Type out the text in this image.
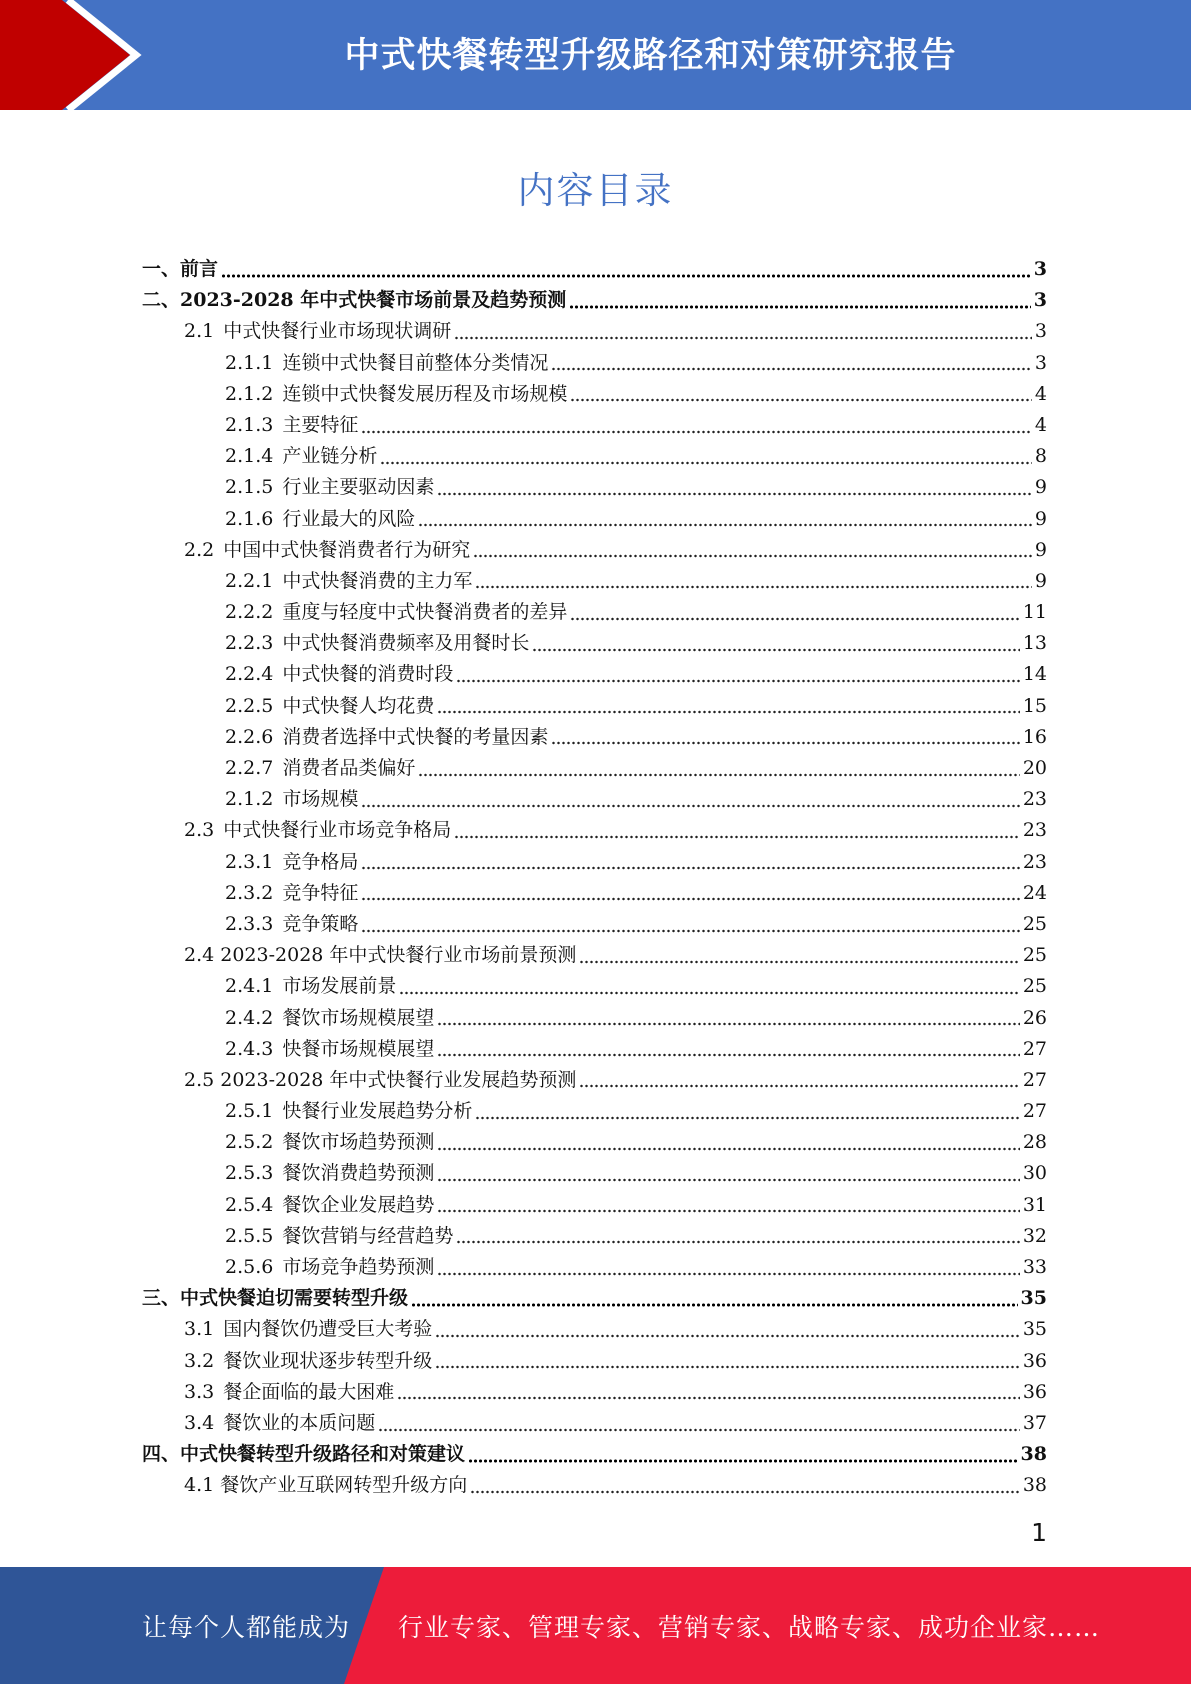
中式快餐转型升级路径和对策研究报告
内容目录
一、前言	3
二、2023-2028 年中式快餐市场前景及趋势预测	3
2.1 中式快餐行业市场现状调研	3
2.1.1 连锁中式快餐目前整体分类情况	3
2.1.2 连锁中式快餐发展历程及市场规模	4
2.1.3 主要特征	4
2.1.4 产业链分析	8
2.1.5 行业主要驱动因素	9
2.1.6 行业最大的风险	9
2.2 中国中式快餐消费者行为研究	9
2.2.1 中式快餐消费的主力军	9
2.2.2 重度与轻度中式快餐消费者的差异	11
2.2.3 中式快餐消费频率及用餐时长	13
2.2.4 中式快餐的消费时段	14
2.2.5 中式快餐人均花费	15
2.2.6 消费者选择中式快餐的考量因素	16
2.2.7 消费者品类偏好	20
2.1.2 市场规模	23
2.3 中式快餐行业市场竞争格局	23
2.3.1 竞争格局	23
2.3.2 竞争特征	24
2.3.3 竞争策略	25
2.4 2023-2028 年中式快餐行业市场前景预测	25
2.4.1 市场发展前景	25
2.4.2 餐饮市场规模展望	26
2.4.3 快餐市场规模展望	27
2.5 2023-2028 年中式快餐行业发展趋势预测	27
2.5.1 快餐行业发展趋势分析	27
2.5.2 餐饮市场趋势预测	28
2.5.3 餐饮消费趋势预测	30
2.5.4 餐饮企业发展趋势	31
2.5.5 餐饮营销与经营趋势	32
2.5.6 市场竞争趋势预测	33
三、中式快餐迫切需要转型升级	35
3.1 国内餐饮仍遭受巨大考验	35
3.2 餐饮业现状逐步转型升级	36
3.3 餐企面临的最大困难	36
3.4 餐饮业的本质问题	37
四、中式快餐转型升级路径和对策建议	38
4.1 餐饮产业互联网转型升级方向	38
1
让每个人都能成为 行业专家、管理专家、营销专家、战略专家、成功企业家……
